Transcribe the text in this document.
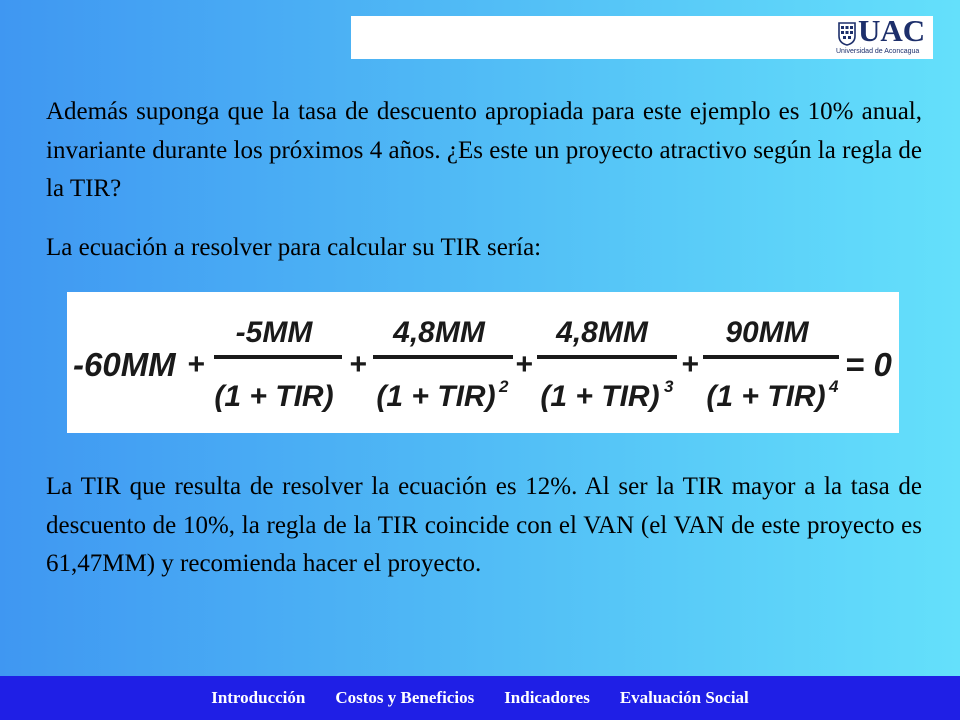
UAC
Universidad de Aconcagua
Además suponga que la tasa de descuento apropiada para este ejemplo es 10% anual, invariante durante los próximos 4 años. ¿Es este un proyecto atractivo según la regla de la TIR?
La ecuación a resolver para calcular su TIR sería:
-60MM +
-5MM
(1 + TIR)
+
4,8MM
(1 + TIR) 2
+
4,8MM
(1 + TIR) 3
+
90MM
(1 + TIR) 4
= 0
La TIR que resulta de resolver la ecuación es 12%. Al ser la TIR mayor a la tasa de descuento de 10%, la regla de la TIR coincide con el VAN (el VAN de este proyecto es 61,47MM) y recomienda hacer el proyecto.
Introducción Costos y Beneficios Indicadores Evaluación Social
